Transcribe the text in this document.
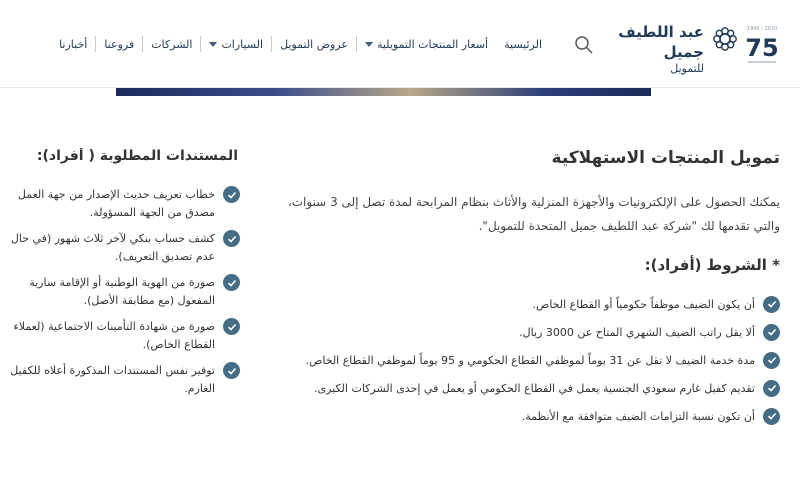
1945 - 2020
75
عبد اللطيف جميل
للتمويل
الرئيسية
أسعار المنتجات التمويلية
عروض التمويل
السيارات
الشركات
فروعنا
أخبارنا
تمويل المنتجات الاستهلاكية

يمكنك الحصول على الإلكترونيات والأجهزة المنزلية والأثاث بنظام المرابحة لمدة تصل إلى 3 سنوات،
والتي تقدمها لك "شركة عبد اللطيف جميل المتحدة للتمويل".

* الشروط (أفراد):
أن يكون الضيف موظفاً حكومياً أو القطاع الخاص.
ألا يقل راتب الضيف الشهري المتاح عن 3000 ريال.
مدة خدمة الضيف لا تقل عن 31 يوماً لموظفي القطاع الحكومي و 95 يوماً لموظفي القطاع الخاص.
تقديم كفيل غارم سعودي الجنسية يعمل في القطاع الحكومي أو يعمل في إحدى الشركات الكبرى.
أن تكون نسبة التزامات الضيف متوافقة مع الأنظمة.
المستندات المطلوبة ( أفراد):
خطاب تعريف حديث الإصدار من جهة العمل
مصدق من الجهة المسؤولة.
كشف حساب بنكي لآخر ثلاث شهور (في حال
عدم تصديق التعريف).
صورة من الهوية الوطنية أو الإقامة سارية
المفعول (مع مطابقة الأصل).
صورة من شهادة التأمينات الاجتماعية (لعملاء
القطاع الخاص).
توفير نفس المستندات المذكورة أعلاه للكفيل
الغارم.
